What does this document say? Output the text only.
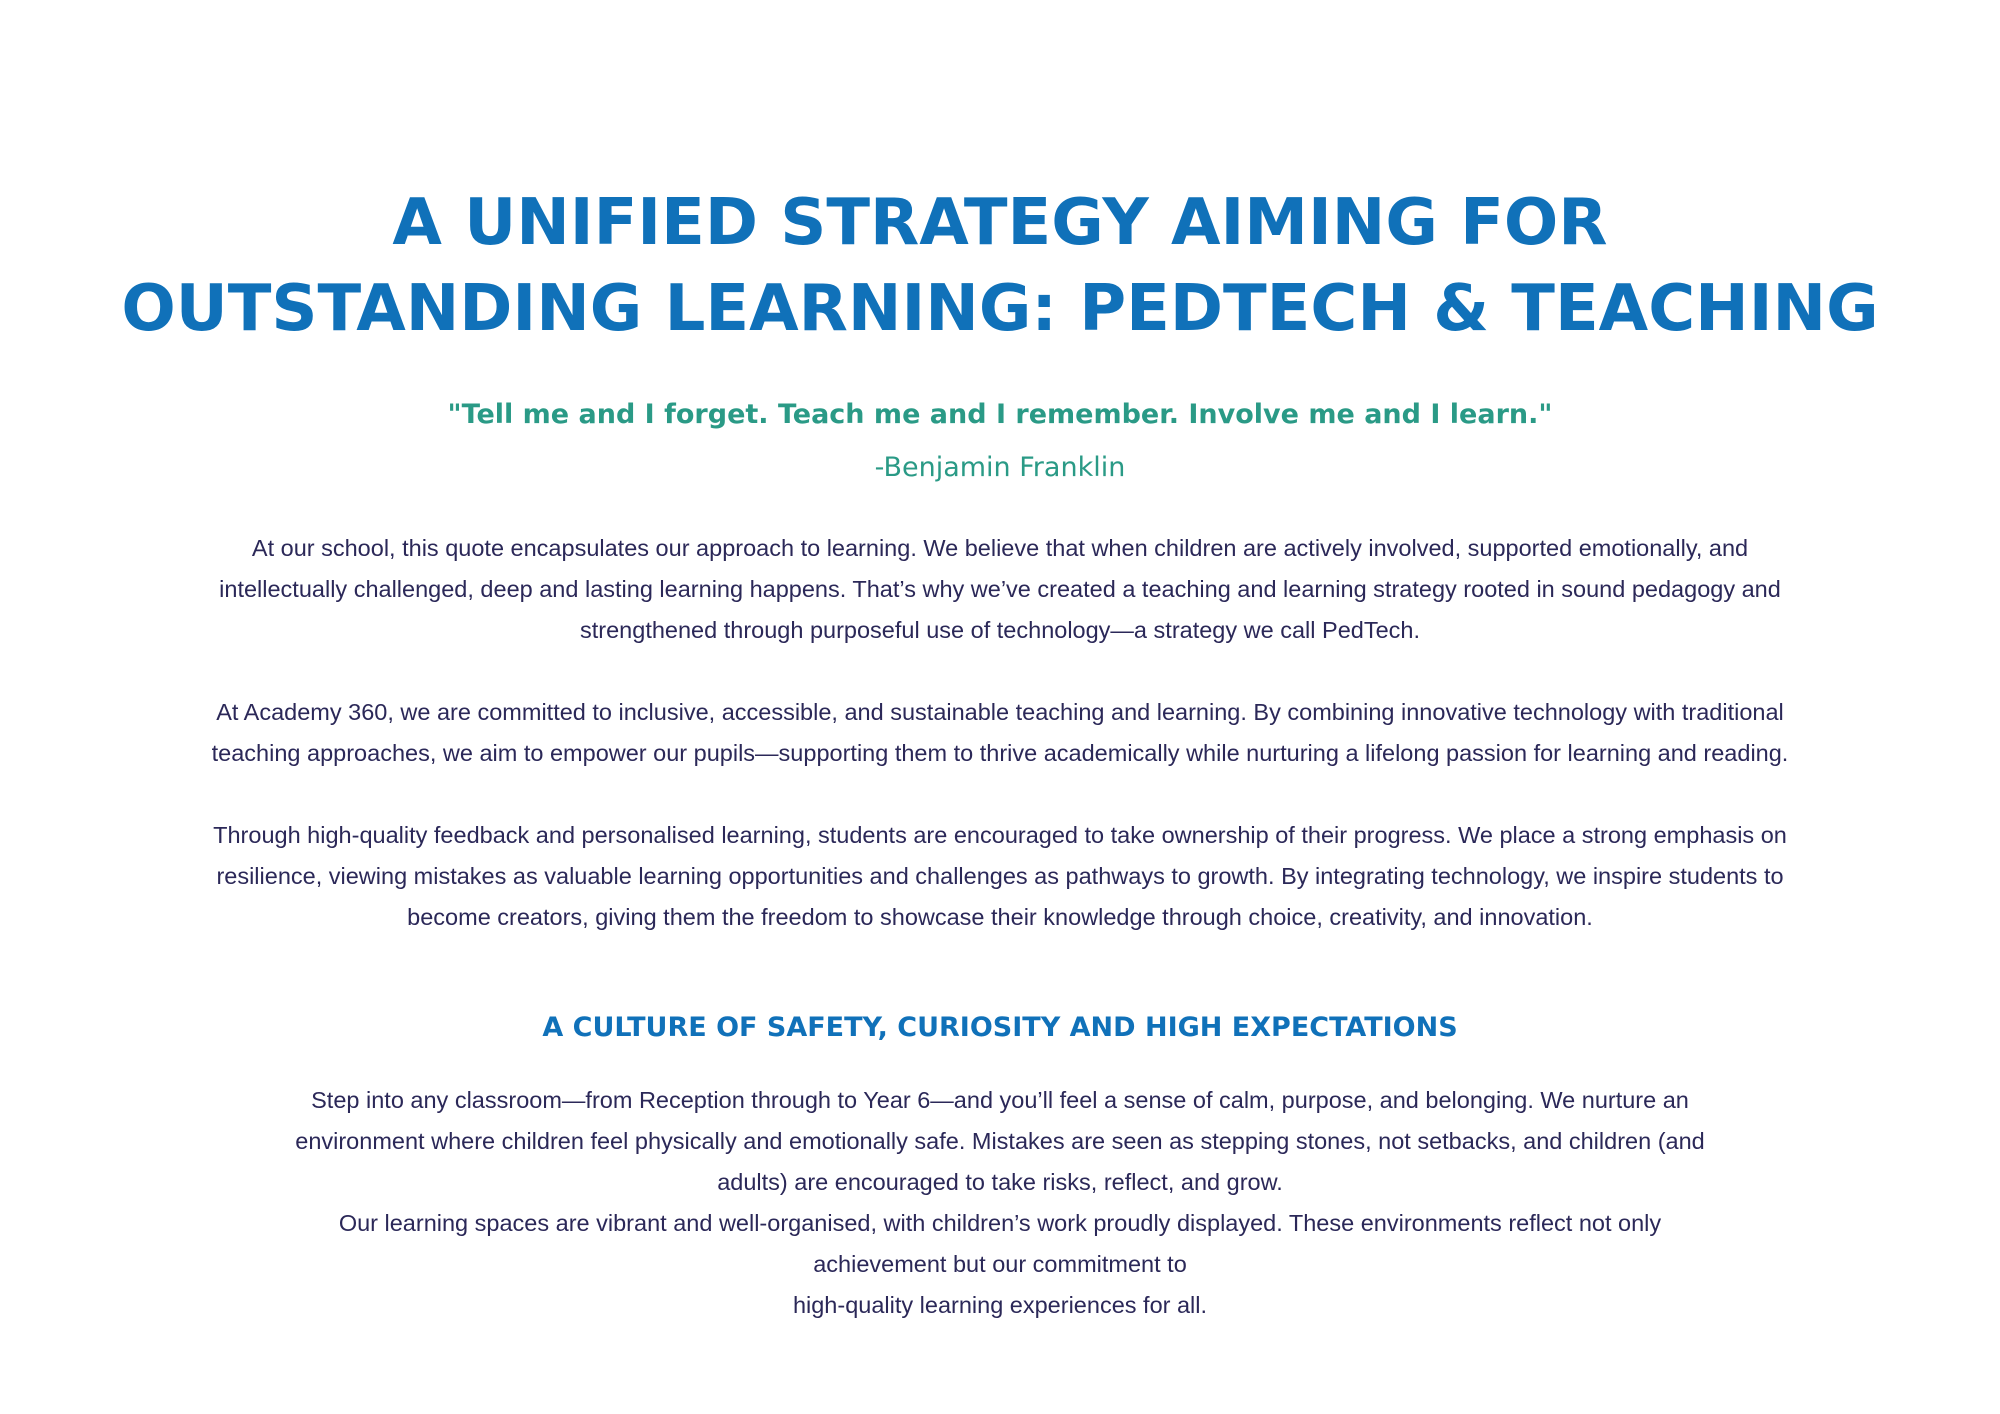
A UNIFIED STRATEGY AIMING FOR
OUTSTANDING LEARNING: PEDTECH & TEACHING

"Tell me and I forget. Teach me and I remember. Involve me and I learn."

-Benjamin Franklin

At our school, this quote encapsulates our approach to learning. We believe that when children are actively involved, supported emotionally, and
intellectually challenged, deep and lasting learning happens. That’s why we’ve created a teaching and learning strategy rooted in sound pedagogy and
strengthened through purposeful use of technology—a strategy we call PedTech.

At Academy 360, we are committed to inclusive, accessible, and sustainable teaching and learning. By combining innovative technology with traditional
teaching approaches, we aim to empower our pupils—supporting them to thrive academically while nurturing a lifelong passion for learning and reading.

Through high-quality feedback and personalised learning, students are encouraged to take ownership of their progress. We place a strong emphasis on
resilience, viewing mistakes as valuable learning opportunities and challenges as pathways to growth. By integrating technology, we inspire students to
become creators, giving them the freedom to showcase their knowledge through choice, creativity, and innovation.

A CULTURE OF SAFETY, CURIOSITY AND HIGH EXPECTATIONS

Step into any classroom—from Reception through to Year 6—and you’ll feel a sense of calm, purpose, and belonging. We nurture an
environment where children feel physically and emotionally safe. Mistakes are seen as stepping stones, not setbacks, and children (and
adults) are encouraged to take risks, reflect, and grow.
Our learning spaces are vibrant and well-organised, with children’s work proudly displayed. These environments reflect not only
achievement but our commitment to
high-quality learning experiences for all.
